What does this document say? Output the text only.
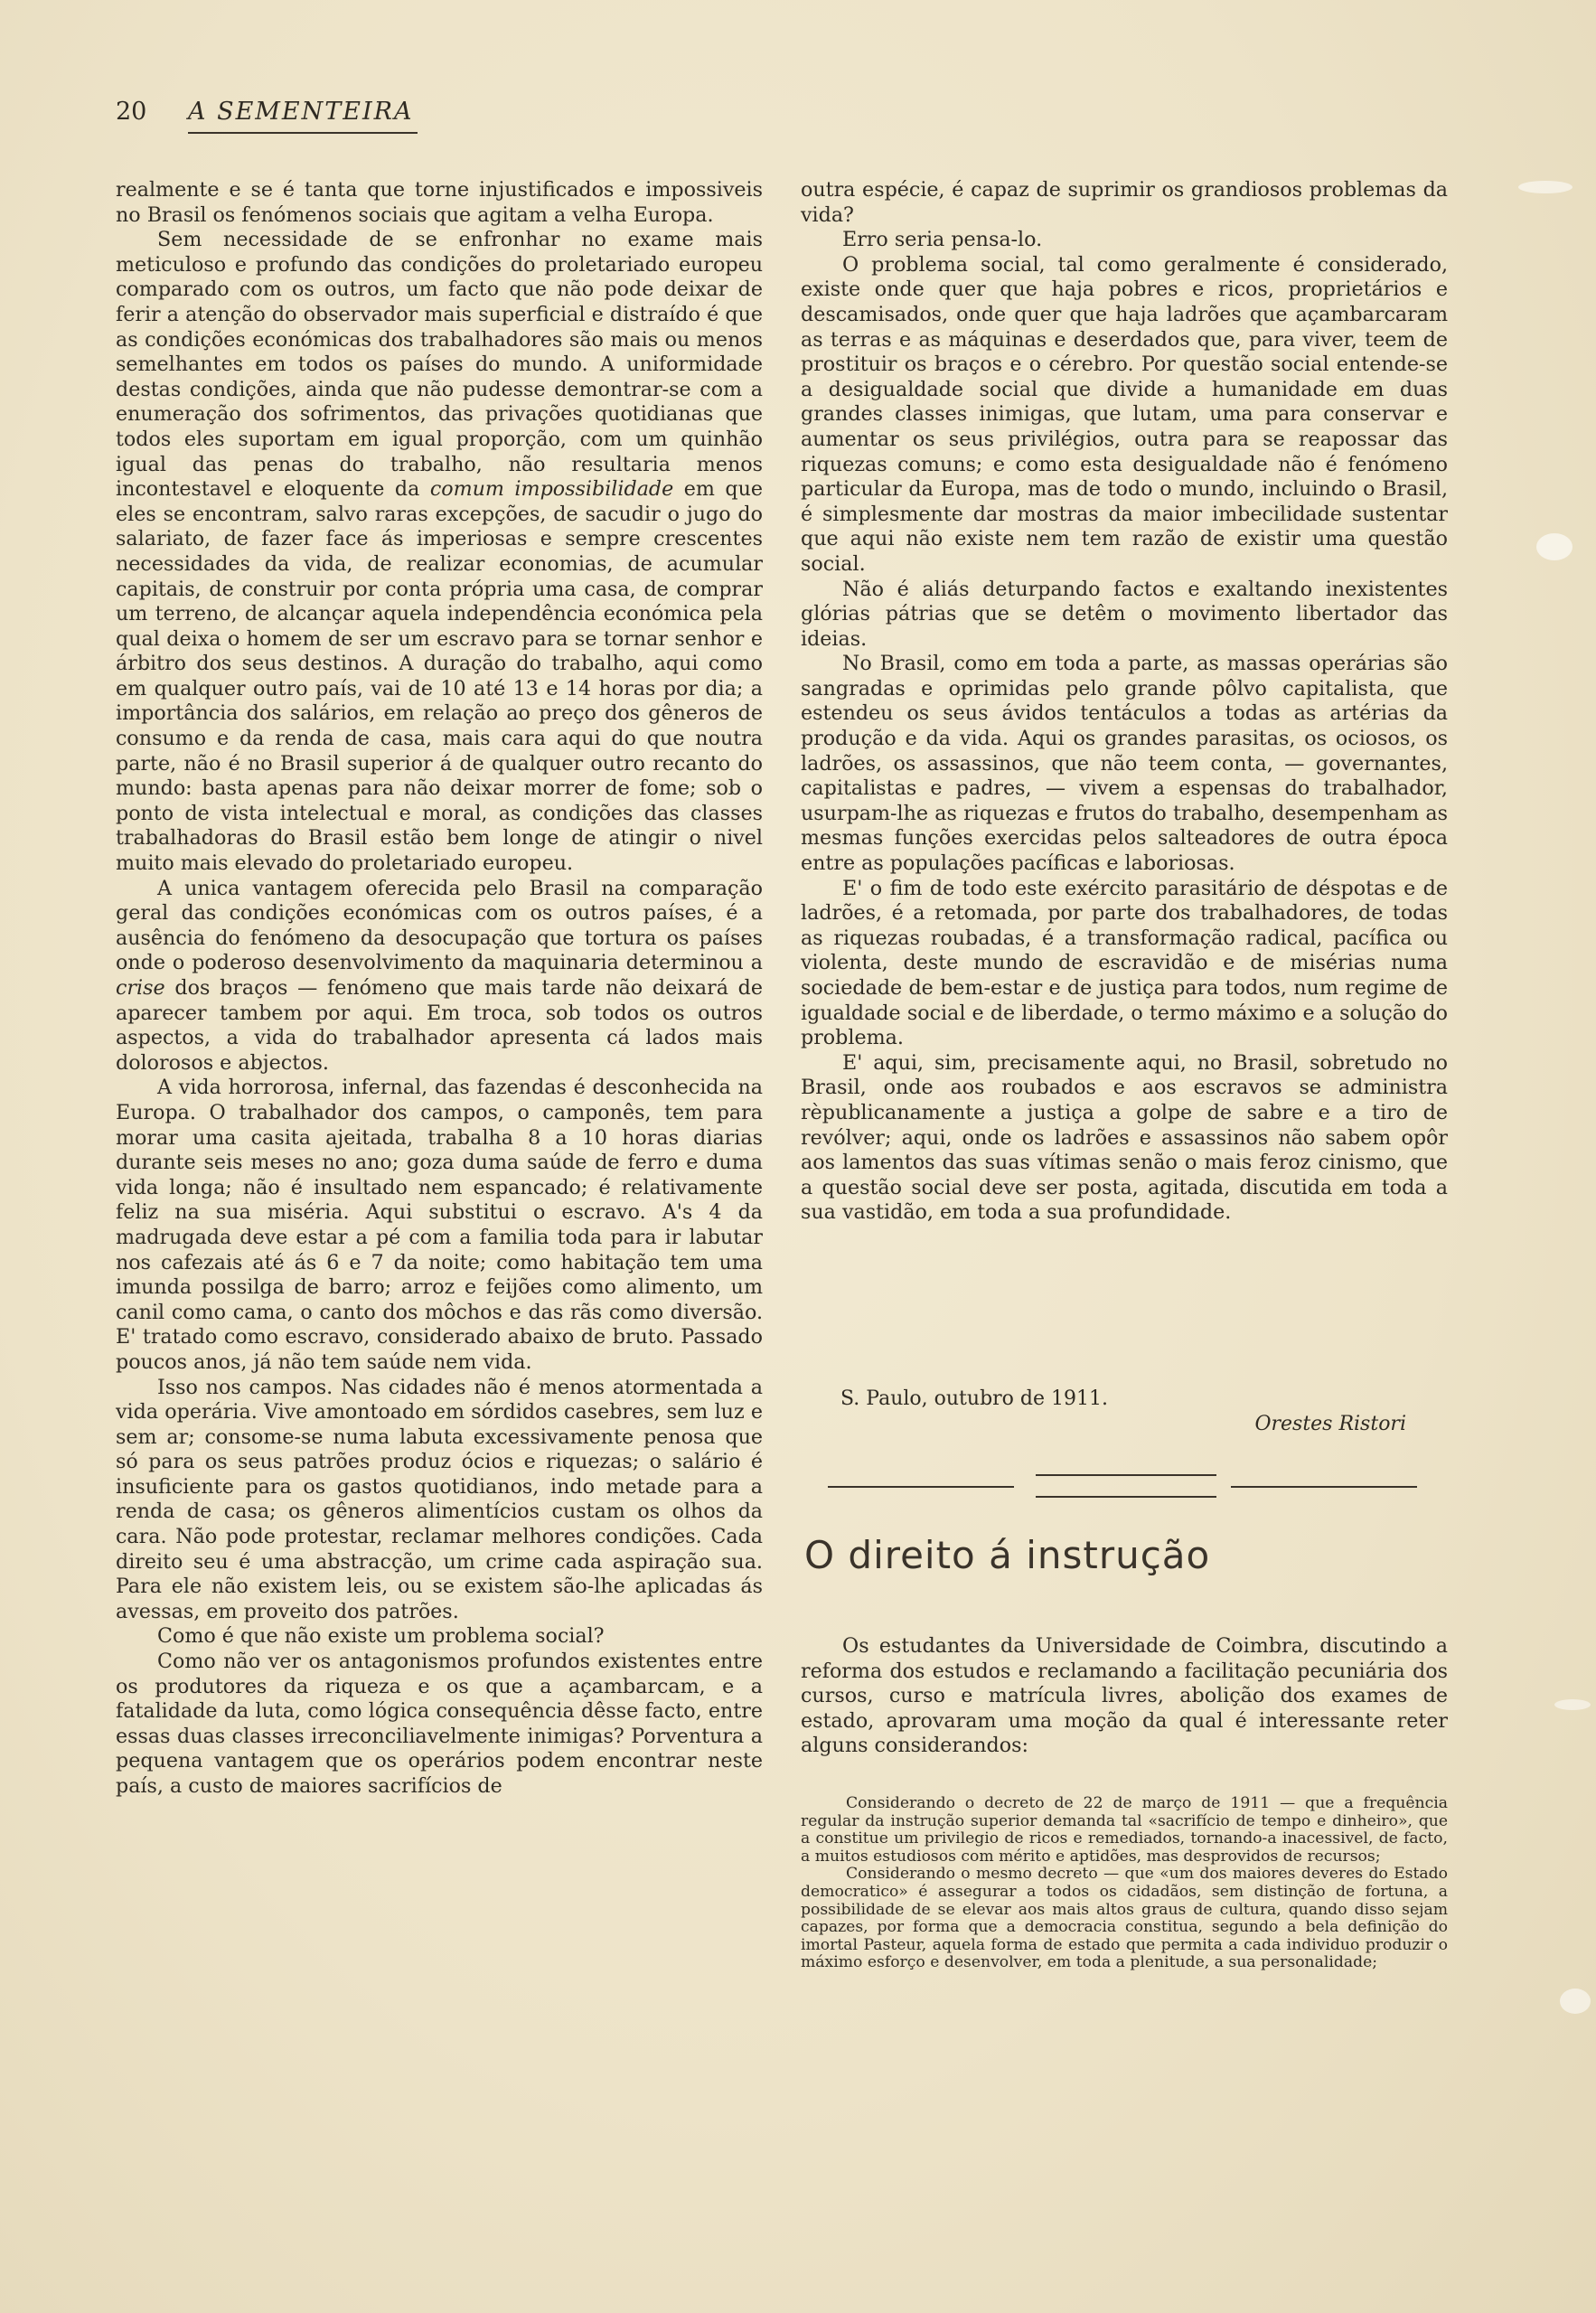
20 A SEMENTEIRA

realmente e se é tanta que torne injustificados e impossiveis no Brasil os fenómenos sociais que agitam a velha Europa.

Sem necessidade de se enfronhar no exame mais meticuloso e profundo das condições do proletariado europeu comparado com os outros, um facto que não pode deixar de ferir a atenção do observador mais superficial e distraído é que as condições económicas dos trabalhadores são mais ou menos semelhantes em todos os países do mundo. A uniformidade destas condições, ainda que não pudesse demontrar-se com a enumeração dos sofrimentos, das privações quotidianas que todos eles suportam em igual proporção, com um quinhão igual das penas do trabalho, não resultaria menos incontestavel e eloquente da comum impossibilidade em que eles se encontram, salvo raras excepções, de sacudir o jugo do salariato, de fazer face ás imperiosas e sempre crescentes necessidades da vida, de realizar economias, de acumular capitais, de construir por conta própria uma casa, de comprar um terreno, de alcançar aquela independência económica pela qual deixa o homem de ser um escravo para se tornar senhor e árbitro dos seus destinos. A duração do trabalho, aqui como em qualquer outro país, vai de 10 até 13 e 14 horas por dia; a importância dos salários, em relação ao preço dos gêneros de consumo e da renda de casa, mais cara aqui do que noutra parte, não é no Brasil superior á de qualquer outro recanto do mundo: basta apenas para não deixar morrer de fome; sob o ponto de vista intelectual e moral, as condições das classes trabalhadoras do Brasil estão bem longe de atingir o nivel muito mais elevado do proletariado europeu.

A unica vantagem oferecida pelo Brasil na comparação geral das condições económicas com os outros países, é a ausência do fenómeno da desocupação que tortura os países onde o poderoso desenvolvimento da maquinaria determinou a crise dos braços — fenómeno que mais tarde não deixará de aparecer tambem por aqui. Em troca, sob todos os outros aspectos, a vida do trabalhador apresenta cá lados mais dolorosos e abjectos.

A vida horrorosa, infernal, das fazendas é desconhecida na Europa. O trabalhador dos campos, o camponês, tem para morar uma casita ajeitada, trabalha 8 a 10 horas diarias durante seis meses no ano; goza duma saúde de ferro e duma vida longa; não é insultado nem espancado; é relativamente feliz na sua miséria. Aqui substitui o escravo. A's 4 da madrugada deve estar a pé com a familia toda para ir labutar nos cafezais até ás 6 e 7 da noite; como habitação tem uma imunda possilga de barro; arroz e feijões como alimento, um canil como cama, o canto dos môchos e das rãs como diversão. E' tratado como escravo, considerado abaixo de bruto. Passado poucos anos, já não tem saúde nem vida.

Isso nos campos. Nas cidades não é menos atormentada a vida operária. Vive amontoado em sórdidos casebres, sem luz e sem ar; consome-se numa labuta excessivamente penosa que só para os seus patrões produz ócios e riquezas; o salário é insuficiente para os gastos quotidianos, indo metade para a renda de casa; os gêneros alimentícios custam os olhos da cara. Não pode protestar, reclamar melhores condições. Cada direito seu é uma abstracção, um crime cada aspiração sua. Para ele não existem leis, ou se existem são-lhe aplicadas ás avessas, em proveito dos patrões.

Como é que não existe um problema social?

Como não ver os antagonismos profundos existentes entre os produtores da riqueza e os que a açambarcam, e a fatalidade da luta, como lógica consequência dêsse facto, entre essas duas classes irreconciliavelmente inimigas? Porventura a pequena vantagem que os operários podem encontrar neste país, a custo de maiores sacrifícios de

outra espécie, é capaz de suprimir os grandiosos problemas da vida?

Erro seria pensa-lo.

O problema social, tal como geralmente é considerado, existe onde quer que haja pobres e ricos, proprietários e descamisados, onde quer que haja ladrões que açambarcaram as terras e as máquinas e deserdados que, para viver, teem de prostituir os braços e o cérebro. Por questão social entende-se a desigualdade social que divide a humanidade em duas grandes classes inimigas, que lutam, uma para conservar e aumentar os seus privilégios, outra para se reapossar das riquezas comuns; e como esta desigualdade não é fenómeno particular da Europa, mas de todo o mundo, incluindo o Brasil, é simplesmente dar mostras da maior imbecilidade sustentar que aqui não existe nem tem razão de existir uma questão social.

Não é aliás deturpando factos e exaltando inexistentes glórias pátrias que se detêm o movimento libertador das ideias.

No Brasil, como em toda a parte, as massas operárias são sangradas e oprimidas pelo grande pôlvo capitalista, que estendeu os seus ávidos tentáculos a todas as artérias da produção e da vida. Aqui os grandes parasitas, os ociosos, os ladrões, os assassinos, que não teem conta, — governantes, capitalistas e padres, — vivem a espensas do trabalhador, usurpam-lhe as riquezas e frutos do trabalho, desempenham as mesmas funções exercidas pelos salteadores de outra época entre as populações pacíficas e laboriosas.

E' o fim de todo este exército parasitário de déspotas e de ladrões, é a retomada, por parte dos trabalhadores, de todas as riquezas roubadas, é a transformação radical, pacífica ou violenta, deste mundo de escravidão e de misérias numa sociedade de bem-estar e de justiça para todos, num regime de igualdade social e de liberdade, o termo máximo e a solução do problema.

E' aqui, sim, precisamente aqui, no Brasil, sobretudo no Brasil, onde aos roubados e aos escravos se administra rèpublicanamente a justiça a golpe de sabre e a tiro de revólver; aqui, onde os ladrões e assassinos não sabem opôr aos lamentos das suas vítimas senão o mais feroz cinismo, que a questão social deve ser posta, agitada, discutida em toda a sua vastidão, em toda a sua profundidade.

S. Paulo, outubro de 1911.
Orestes Ristori
O direito á instrução

Os estudantes da Universidade de Coimbra, discutindo a reforma dos estudos e reclamando a facilitação pecuniária dos cursos, curso e matrícula livres, abolição dos exames de estado, aprovaram uma moção da qual é interessante reter alguns considerandos:

Considerando o decreto de 22 de março de 1911 — que a frequência regular da instrução superior demanda tal «sacrifício de tempo e dinheiro», que a constitue um privilegio de ricos e remediados, tornando-a inacessivel, de facto, a muitos estudiosos com mérito e aptidões, mas desprovidos de recursos;

Considerando o mesmo decreto — que «um dos maiores deveres do Estado democratico» é assegurar a todos os cidadãos, sem distinção de fortuna, a possibilidade de se elevar aos mais altos graus de cultura, quando disso sejam capazes, por forma que a democracia constitua, segundo a bela definição do imortal Pasteur, aquela forma de estado que permita a cada individuo produzir o máximo esforço e desenvolver, em toda a plenitude, a sua personalidade;
